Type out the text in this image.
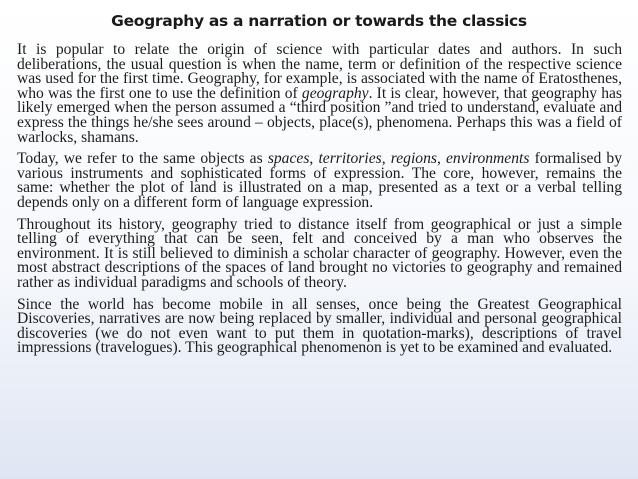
Geography as a narration or towards the classics

It is popular to relate the origin of science with particular dates and authors. In such deliberations, the usual question is when the name, term or definition of the respective science was used for the first time. Geography, for example, is associated with the name of Eratosthenes, who was the first one to use the definition of geography. It is clear, however, that geography has likely emerged when the person assumed a “third position ”and tried to understand, evaluate and express the things he/she sees around – objects, place(s), phenomena. Perhaps this was a field of warlocks, shamans.

Today, we refer to the same objects as spaces, territories, regions, environments formalised by various instruments and sophisticated forms of expression. The core, however, remains the same: whether the plot of land is illustrated on a map, presented as a text or a verbal telling depends only on a different form of language expression.

Throughout its history, geography tried to distance itself from geographical or just a simple telling of everything that can be seen, felt and conceived by a man who observes the environment. It is still believed to diminish a scholar character of geography. However, even the most abstract descriptions of the spaces of land brought no victories to geography and remained rather as individual paradigms and schools of theory.

Since the world has become mobile in all senses, once being the Greatest Geographical Discoveries, narratives are now being replaced by smaller, individual and personal geographical discoveries (we do not even want to put them in quotation-marks), descriptions of travel impressions (travelogues). This geographical phenomenon is yet to be examined and evaluated.
